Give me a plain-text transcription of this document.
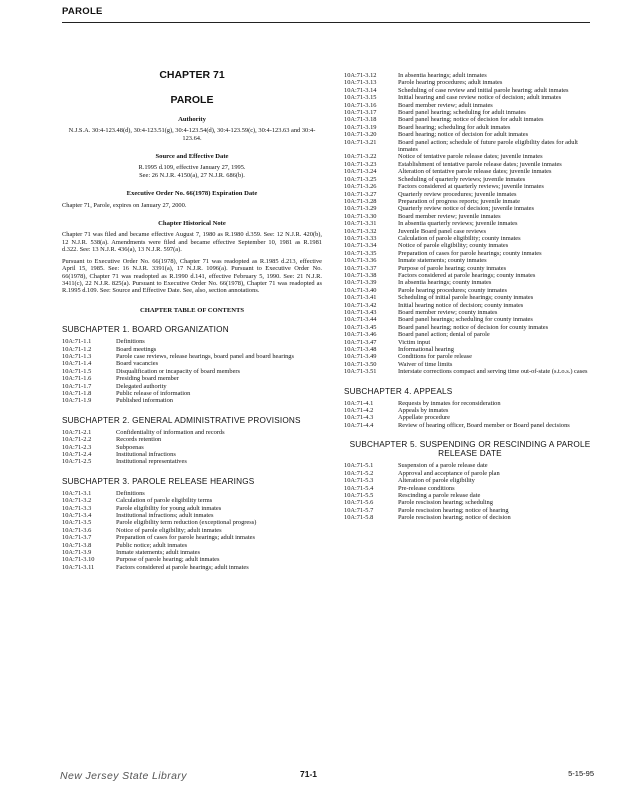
PAROLE
CHAPTER 71
PAROLE
Authority
N.J.S.A. 30:4-123.48(d), 30:4-123.51(g), 30:4-123.54(d), 30:4-123.59(c), 30:4-123.63 and 30:4-123.64.
Source and Effective Date
R.1995 d.109, effective January 27, 1995.
See: 26 N.J.R. 4150(a), 27 N.J.R. 686(b).
Executive Order No. 66(1978) Expiration Date
Chapter 71, Parole, expires on January 27, 2000.
Chapter Historical Note
Chapter 71 was filed and became effective August 7, 1980 as R.1980 d.359. See: 12 N.J.R. 420(b), 12 N.J.R. 538(a). Amendments were filed and became effective September 10, 1981 as R.1981 d.322. See: 13 N.J.R. 436(a), 13 N.J.R. 597(a).
Pursuant to Executive Order No. 66(1978), Chapter 71 was readopted as R.1985 d.213, effective April 15, 1985. See: 16 N.J.R. 3391(a), 17 N.J.R. 1096(a). Pursuant to Executive Order No. 66(1978), Chapter 71 was readopted as R.1990 d.141, effective February 5, 1990. See: 21 N.J.R. 3411(c), 22 N.J.R. 825(a). Pursuant to Executive Order No. 66(1978), Chapter 71 was readopted as R.1995 d.109. See: Source and Effective Date. See, also, section annotations.
CHAPTER TABLE OF CONTENTS
SUBCHAPTER 1. BOARD ORGANIZATION
10A:71-1.1	Definitions
10A:71-1.2	Board meetings
10A:71-1.3	Parole case reviews, release hearings, board panel and board hearings
10A:71-1.4	Board vacancies
10A:71-1.5	Disqualification or incapacity of board members
10A:71-1.6	Presiding board member
10A:71-1.7	Delegated authority
10A:71-1.8	Public release of information
10A:71-1.9	Published information
SUBCHAPTER 2. GENERAL ADMINISTRATIVE PROVISIONS
10A:71-2.1	Confidentiality of information and records
10A:71-2.2	Records retention
10A:71-2.3	Subpoenas
10A:71-2.4	Institutional infractions
10A:71-2.5	Institutional representatives
SUBCHAPTER 3. PAROLE RELEASE HEARINGS
10A:71-3.1	Definitions
10A:71-3.2	Calculation of parole eligibility terms
10A:71-3.3	Parole eligibility for young adult inmates
10A:71-3.4	Institutional infractions; adult inmates
10A:71-3.5	Parole eligibility term reduction (exceptional progress)
10A:71-3.6	Notice of parole eligibility; adult inmates
10A:71-3.7	Preparation of cases for parole hearings; adult inmates
10A:71-3.8	Public notice; adult inmates
10A:71-3.9	Inmate statements; adult inmates
10A:71-3.10	Purpose of parole hearing; adult inmates
10A:71-3.11	Factors considered at parole hearings; adult inmates
10A:71-3.12	In absentia hearings; adult inmates
10A:71-3.13	Parole hearing procedures; adult inmates
10A:71-3.14	Scheduling of case review and initial parole hearing; adult inmates
10A:71-3.15	Initial hearing and case review notice of decision; adult inmates
10A:71-3.16	Board member review; adult inmates
10A:71-3.17	Board panel hearing; scheduling for adult inmates
10A:71-3.18	Board panel hearing; notice of decision for adult inmates
10A:71-3.19	Board hearing; scheduling for adult inmates
10A:71-3.20	Board hearing; notice of decision for adult inmates
10A:71-3.21	Board panel action; schedule of future parole eligibility dates for adult inmates
10A:71-3.22	Notice of tentative parole release dates; juvenile inmates
10A:71-3.23	Establishment of tentative parole release dates; juvenile inmates
10A:71-3.24	Alteration of tentative parole release dates; juvenile inmates
10A:71-3.25	Scheduling of quarterly reviews; juvenile inmates
10A:71-3.26	Factors considered at quarterly reviews; juvenile inmates
10A:71-3.27	Quarterly review procedures; juvenile inmates
10A:71-3.28	Preparation of progress reports; juvenile inmate
10A:71-3.29	Quarterly review notice of decision; juvenile inmates
10A:71-3.30	Board member review; juvenile inmates
10A:71-3.31	In absentia quarterly reviews; juvenile inmates
10A:71-3.32	Juvenile Board panel case reviews
10A:71-3.33	Calculation of parole eligibility; county inmates
10A:71-3.34	Notice of parole eligibility; county inmates
10A:71-3.35	Preparation of cases for parole hearings; county inmates
10A:71-3.36	Inmate statements; county inmates
10A:71-3.37	Purpose of parole hearing; county inmates
10A:71-3.38	Factors considered at parole hearings; county inmates
10A:71-3.39	In absentia hearings; county inmates
10A:71-3.40	Parole hearing procedures; county inmates
10A:71-3.41	Scheduling of initial parole hearings; county inmates
10A:71-3.42	Initial hearing notice of decision; county inmates
10A:71-3.43	Board member review; county inmates
10A:71-3.44	Board panel hearings; scheduling for county inmates
10A:71-3.45	Board panel hearing; notice of decision for county inmates
10A:71-3.46	Board panel action; denial of parole
10A:71-3.47	Victim input
10A:71-3.48	Informational hearing
10A:71-3.49	Conditions for parole release
10A:71-3.50	Waiver of time limits
10A:71-3.51	Interstate corrections compact and serving time out-of-state (s.t.o.s.) cases
SUBCHAPTER 4. APPEALS
10A:71-4.1	Requests by inmates for reconsideration
10A:71-4.2	Appeals by inmates
10A:71-4.3	Appellate procedure
10A:71-4.4	Review of hearing officer, Board member or Board panel decisions
SUBCHAPTER 5. SUSPENDING OR RESCINDING A PAROLE RELEASE DATE
10A:71-5.1	Suspension of a parole release date
10A:71-5.2	Approval and acceptance of parole plan
10A:71-5.3	Alteration of parole eligibility
10A:71-5.4	Pre-release conditions
10A:71-5.5	Rescinding a parole release date
10A:71-5.6	Parole rescission hearing; scheduling
10A:71-5.7	Parole rescission hearing; notice of hearing
10A:71-5.8	Parole rescission hearing; notice of decision
New Jersey State Library	71-1	5-15-95
